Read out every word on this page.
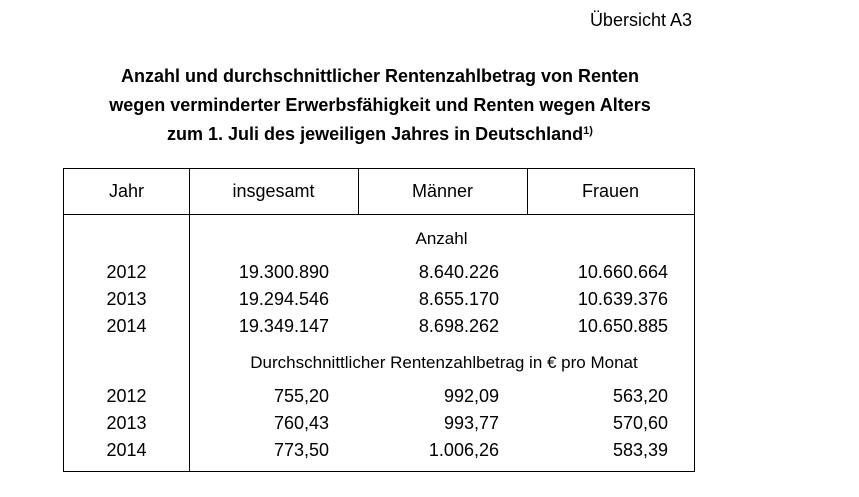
Übersicht A3
Anzahl und durchschnittlicher Rentenzahlbetrag von Renten
wegen verminderter Erwerbsfähigkeit und Renten wegen Alters
zum 1. Juli des jeweiligen Jahres in Deutschland$^{1)}$
Jahr	insgesamt	Männer	Frauen
Anzahl
2012	19.300.890	8.640.226	10.660.664
2013	19.294.546	8.655.170	10.639.376
2014	19.349.147	8.698.262	10.650.885
Durchschnittlicher Rentenzahlbetrag in € pro Monat
2012	755,20	992,09	563,20
2013	760,43	993,77	570,60
2014	773,50	1.006,26	583,39
